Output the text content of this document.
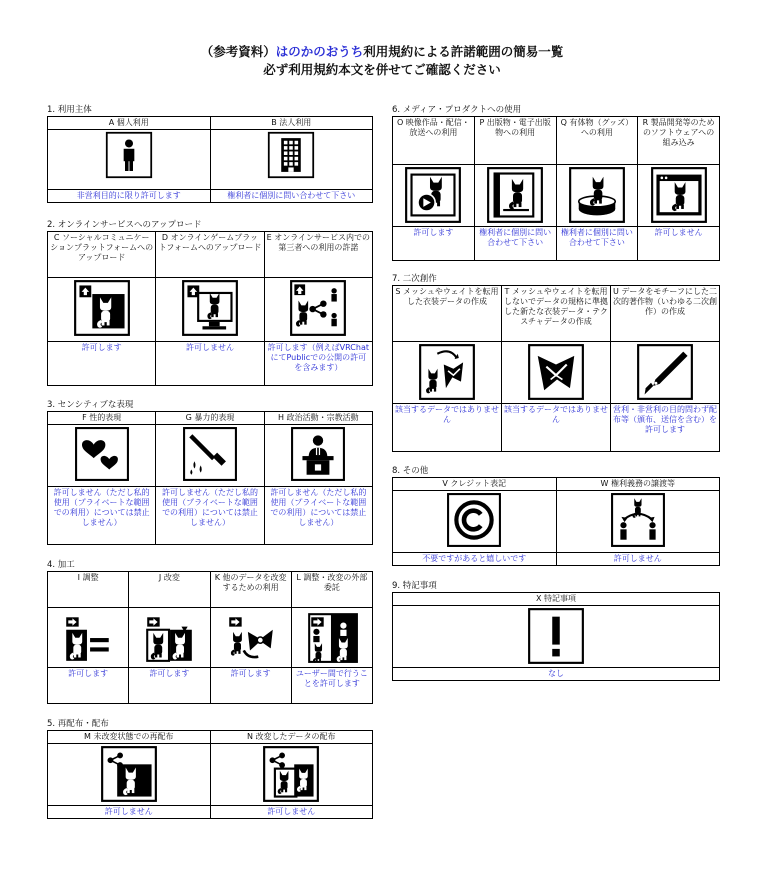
（参考資料）はのかのおうち利用規約による許諾範囲の簡易一覧
必ず利用規約本文を併せてご確認ください
1. 利用主体
A 個人利用	B 法人利用

非営利目的に限り許可します	権利者に個別に問い合わせて下さい
2. オンラインサービスへのアップロード
C ソーシャルコミュニケーションプラットフォームへのアップロード	D オンラインゲームプラットフォームへのアップロード	E オンラインサービス内での第三者への利用の許諾

許可します	許可しません	許可します（例えばVRChatにてPublicでの公開の許可を含みます）
3. センシティブな表現
F 性的表現	G 暴力的表現	H 政治活動・宗教活動

許可しません（ただし私的使用（プライベートな範囲での利用）については禁止しません）	許可しません（ただし私的使用（プライベートな範囲での利用）については禁止しません）	許可しません（ただし私的使用（プライベートな範囲での利用）については禁止しません）
4. 加工
I 調整	J 改変	K 他のデータを改変するための利用	L 調整・改変の外部委託

許可します	許可します	許可します	ユーザー間で行うことを許可します
5. 再配布・配布
M 未改変状態での再配布	N 改変したデータの配布

許可しません	許可しません
6. メディア・プロダクトへの使用
O 映像作品・配信・放送への利用	P 出版物・電子出版物への利用	Q 有体物（グッズ）への利用	R 製品開発等のためのソフトウェアへの組み込み

許可します	権利者に個別に問い合わせて下さい	権利者に個別に問い合わせて下さい	許可しません
7. 二次創作
S メッシュやウェイトを転用した衣装データの作成	T メッシュやウェイトを転用しないでデータの規格に準拠した新たな衣装データ・テクスチャデータの作成	U データをモチーフにした二次的著作物（いわゆる二次創作）の作成

該当するデータではありません	該当するデータではありません	営利・非営利の目的問わず配布等（頒布、送信を含む）を許可します
8. その他
V クレジット表記	W 権利義務の譲渡等

不要ですがあると嬉しいです	許可しません
9. 特記事項
X 特記事項

なし
